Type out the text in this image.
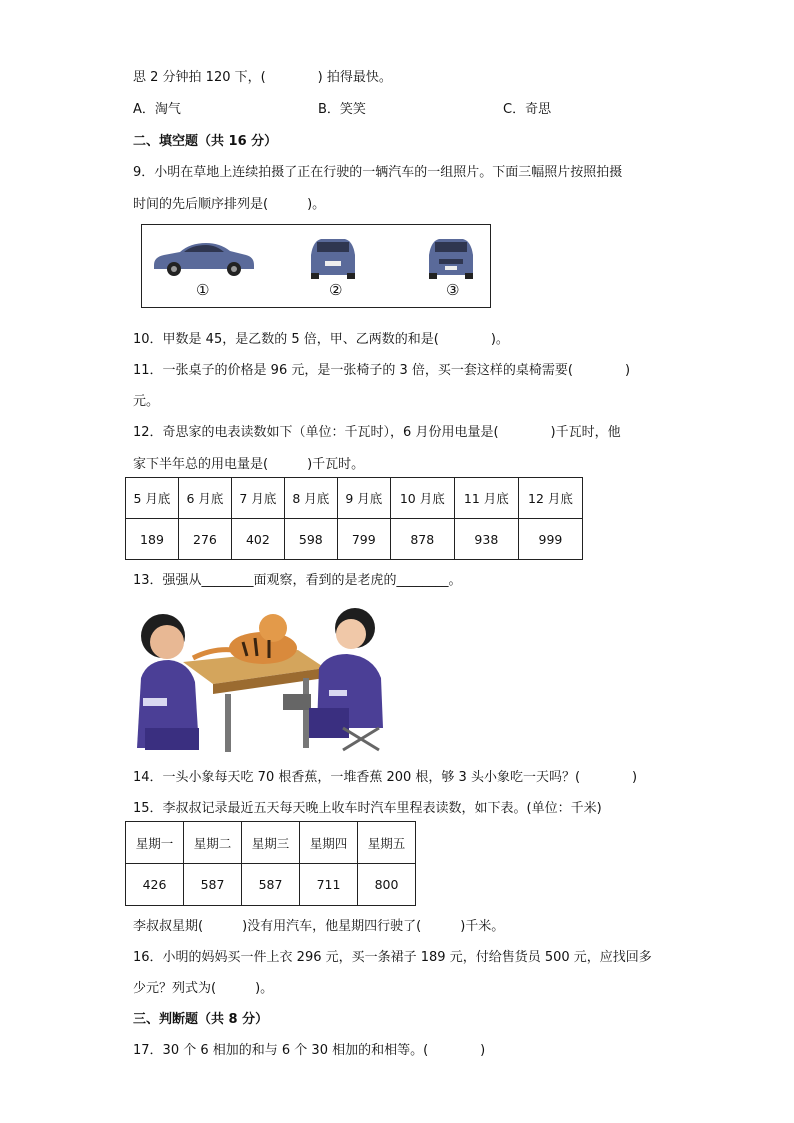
思 2 分钟拍 120 下，(　　　　) 拍得最快。
A．淘气	B．笑笑	C．奇思
二、填空题（共 16 分）
9．小明在草地上连续拍摄了正在行驶的一辆汽车的一组照片。下面三幅照片按照拍摄
时间的先后顺序排列是(　　　)。
①	②	③
10．甲数是 45，是乙数的 5 倍，甲、乙两数的和是(　　　　)。
11．一张桌子的价格是 96 元，是一张椅子的 3 倍，买一套这样的桌椅需要(　　　　)
元。
12．奇思家的电表读数如下（单位：千瓦时），6 月份用电量是(　　　　)千瓦时，他
家下半年总的用电量是(　　　)千瓦时。
5 月底	6 月底	7 月底	8 月底	9 月底	10 月底	11 月底	12 月底
189	276	402	598	799	878	938	999
13．强强从________面观察，看到的是老虎的________。
14．一头小象每天吃 70 根香蕉，一堆香蕉 200 根，够 3 头小象吃一天吗？(　　　　)
15．李叔叔记录最近五天每天晚上收车时汽车里程表读数，如下表。(单位：千米)
星期一	星期二	星期三	星期四	星期五
426	587	587	711	800
李叔叔星期(　　　)没有用汽车，他星期四行驶了(　　　)千米。
16．小明的妈妈买一件上衣 296 元，买一条裙子 189 元，付给售货员 500 元，应找回多
少元？列式为(　　　)。
三、判断题（共 8 分）
17．30 个 6 相加的和与 6 个 30 相加的和相等。(　　　　)
